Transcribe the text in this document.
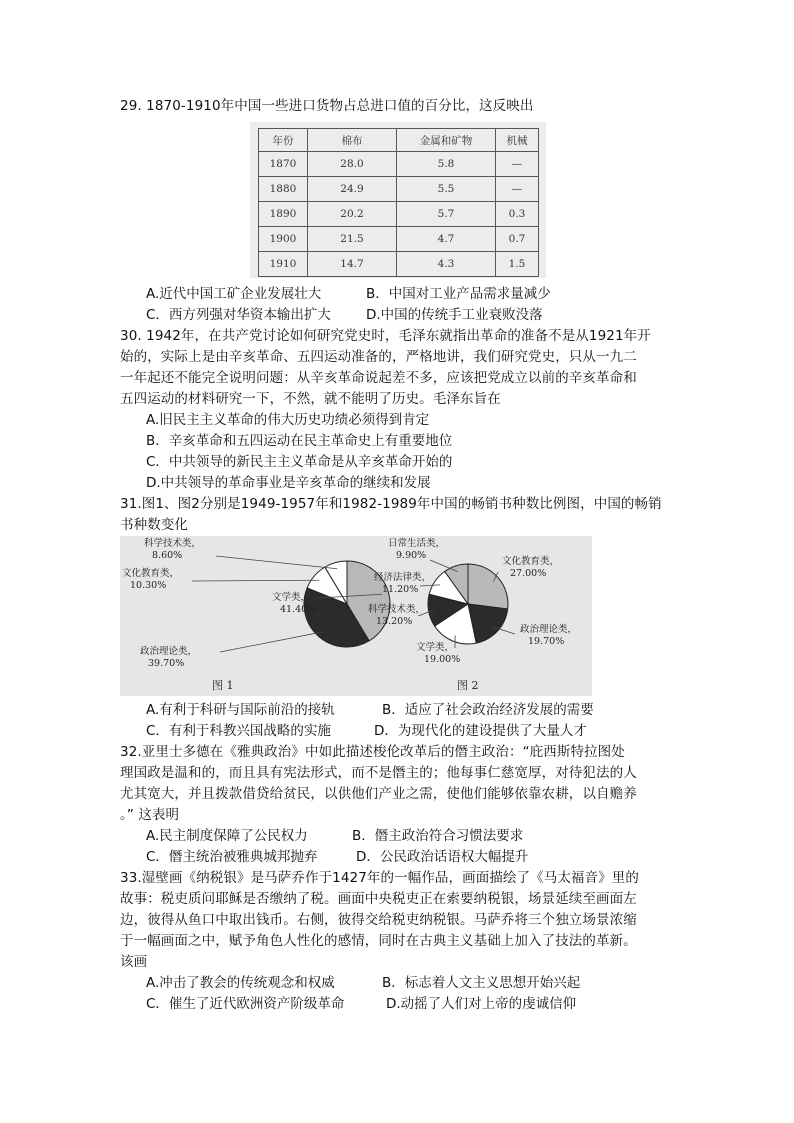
29. 1870-1910年中国一些进口货物占总进口值的百分比，这反映出
年份	棉布	金属和矿物	机械
1870	28.0	5.8	—
1880	24.9	5.5	—
1890	20.2	5.7	0.3
1900	21.5	4.7	0.7
1910	14.7	4.3	1.5
A.近代中国工矿企业发展壮大	B．中国对工业产品需求量减少
C．西方列强对华资本输出扩大	D.中国的传统手工业衰败没落
30. 1942年，在共产党讨论如何研究党史时，毛泽东就指出革命的准备不是从1921年开
始的，实际上是由辛亥革命、五四运动准备的，严格地讲，我们研究党史，只从一九二
一年起还不能完全说明问题：从辛亥革命说起差不多，应该把党成立以前的辛亥革命和
五四运动的材料研究一下，不然，就不能明了历史。毛泽东旨在
A.旧民主主义革命的伟大历史功绩必须得到肯定
B．辛亥革命和五四运动在民主革命史上有重要地位
C．中共领导的新民主主义革命是从辛亥革命开始的
D.中共领导的革命事业是辛亥革命的继续和发展
31.图1、图2分别是1949-1957年和1982-1989年中国的畅销书种数比例图，中国的畅销
书种数变化
文学类，
41.40%
政治理论类，
39.70%
文化教育类，
10.30%
科学技术类，
8.60%
文化教育类，
27.00%
政治理论类，
19.70%
文学类，
19.00%
科学技术类，
13.20%
经济法律类，
11.20%
日常生活类，
9.90%
图 1	图 2
A.有利于科研与国际前沿的接轨	B．适应了社会政治经济发展的需要
C．有利于科教兴国战略的实施	D．为现代化的建设提供了大量人才
32.亚里士多德在《雅典政治》中如此描述梭伦改革后的僭主政治：“庇西斯特拉图处
理国政是温和的，而且具有宪法形式，而不是僭主的；他每事仁慈宽厚，对待犯法的人
尤其宽大，并且拨款借贷给贫民，以供他们产业之需，使他们能够依靠农耕，以自赡养
。” 这表明
A.民主制度保障了公民权力	B．僭主政治符合习惯法要求
C．僭主统治被雅典城邦抛弃	D．公民政治话语权大幅提升
33.湿壁画《纳税银》是马萨乔作于1427年的一幅作品，画面描绘了《马太福音》里的
故事：税吏质问耶稣是否缴纳了税。画面中央税吏正在索要纳税银，场景延续至画面左
边，彼得从鱼口中取出钱币。右侧，彼得交给税吏纳税银。马萨乔将三个独立场景浓缩
于一幅画面之中，赋予角色人性化的感情，同时在古典主义基础上加入了技法的革新。
该画
A.冲击了教会的传统观念和权威	B．标志着人文主义思想开始兴起
C．催生了近代欧洲资产阶级革命	D.动摇了人们对上帝的虔诚信仰
